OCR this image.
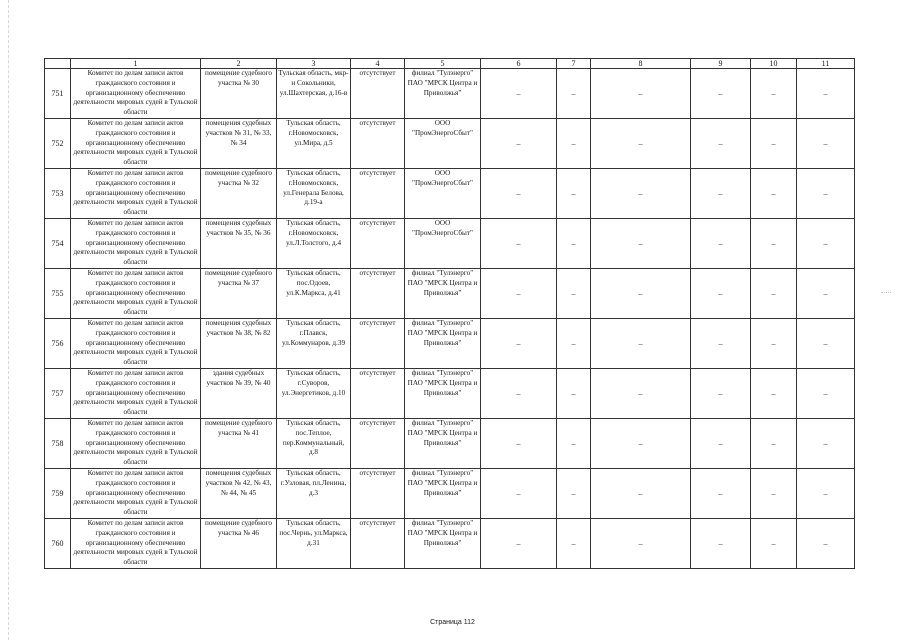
	1	2	3	4	5	6	7	8	9	10	11
751	Комитет по делам записи актов гражданского состояния и организационному обеспечению деятельности мировых судей в Тульской области	помещение судебного участка № 30	Тульская область, мкр-н Сокольники, ул.Шахтерская, д.16-в	отсутствует	филиал "Тулэнерго" ПАО "МРСК Центра и Приволжья"	–	–	–	–	–	–
752	Комитет по делам записи актов гражданского состояния и организационному обеспечению деятельности мировых судей в Тульской области	помещения судебных участков № 31, № 33, № 34	Тульская область, г.Новомосковск, ул.Мира, д.5	отсутствует	ООО "ПромЭнергоСбыт"	–	–	–	–	–	–
753	Комитет по делам записи актов гражданского состояния и организационному обеспечению деятельности мировых судей в Тульской области	помещение судебного участка № 32	Тульская область, г.Новомосковск, ул.Генерала Белова, д.19-а	отсутствует	ООО "ПромЭнергоСбыт"	–	–	–	–	–	–
754	Комитет по делам записи актов гражданского состояния и организационному обеспечению деятельности мировых судей в Тульской области	помещения судебных участков № 35, № 36	Тульская область, г.Новомосковск, ул.Л.Толстого, д.4	отсутствует	ООО "ПромЭнергоСбыт"	–	–	–	–	–	–
755	Комитет по делам записи актов гражданского состояния и организационному обеспечению деятельности мировых судей в Тульской области	помещение судебного участка № 37	Тульская область, пос.Одоев, ул.К.Маркса, д.41	отсутствует	филиал "Тулэнерго" ПАО "МРСК Центра и Приволжья"	–	–	–	–	–	–
756	Комитет по делам записи актов гражданского состояния и организационному обеспечению деятельности мировых судей в Тульской области	помещения судебных участков № 38, № 82	Тульская область, г.Плавск, ул.Коммунаров, д.39	отсутствует	филиал "Тулэнерго" ПАО "МРСК Центра и Приволжья"	–	–	–	–	–	–
757	Комитет по делам записи актов гражданского состояния и организационному обеспечению деятельности мировых судей в Тульской области	здания судебных участков № 39, № 40	Тульская область, г.Суворов, ул.Энергетиков, д.10	отсутствует	филиал "Тулэнерго" ПАО "МРСК Центра и Приволжья"	–	–	–	–	–	–
758	Комитет по делам записи актов гражданского состояния и организационному обеспечению деятельности мировых судей в Тульской области	помещение судебного участка № 41	Тульская область, пос.Теплое, пер.Коммунальный, д.8	отсутствует	филиал "Тулэнерго" ПАО "МРСК Центра и Приволжья"	–	–	–	–	–	–
759	Комитет по делам записи актов гражданского состояния и организационному обеспечению деятельности мировых судей в Тульской области	помещения судебных участков № 42, № 43, № 44, № 45	Тульская область, г.Узловая, пл.Ленина, д.3	отсутствует	филиал "Тулэнерго" ПАО "МРСК Центра и Приволжья"	–	–	–	–	–	–
760	Комитет по делам записи актов гражданского состояния и организационному обеспечению деятельности мировых судей в Тульской области	помещение судебного участка № 46	Тульская область, пос.Чернь, ул.Маркса, д.31	отсутствует	филиал "Тулэнерго" ПАО "МРСК Центра и Приволжья"	–	–	–	–	–	–
Страница 112
